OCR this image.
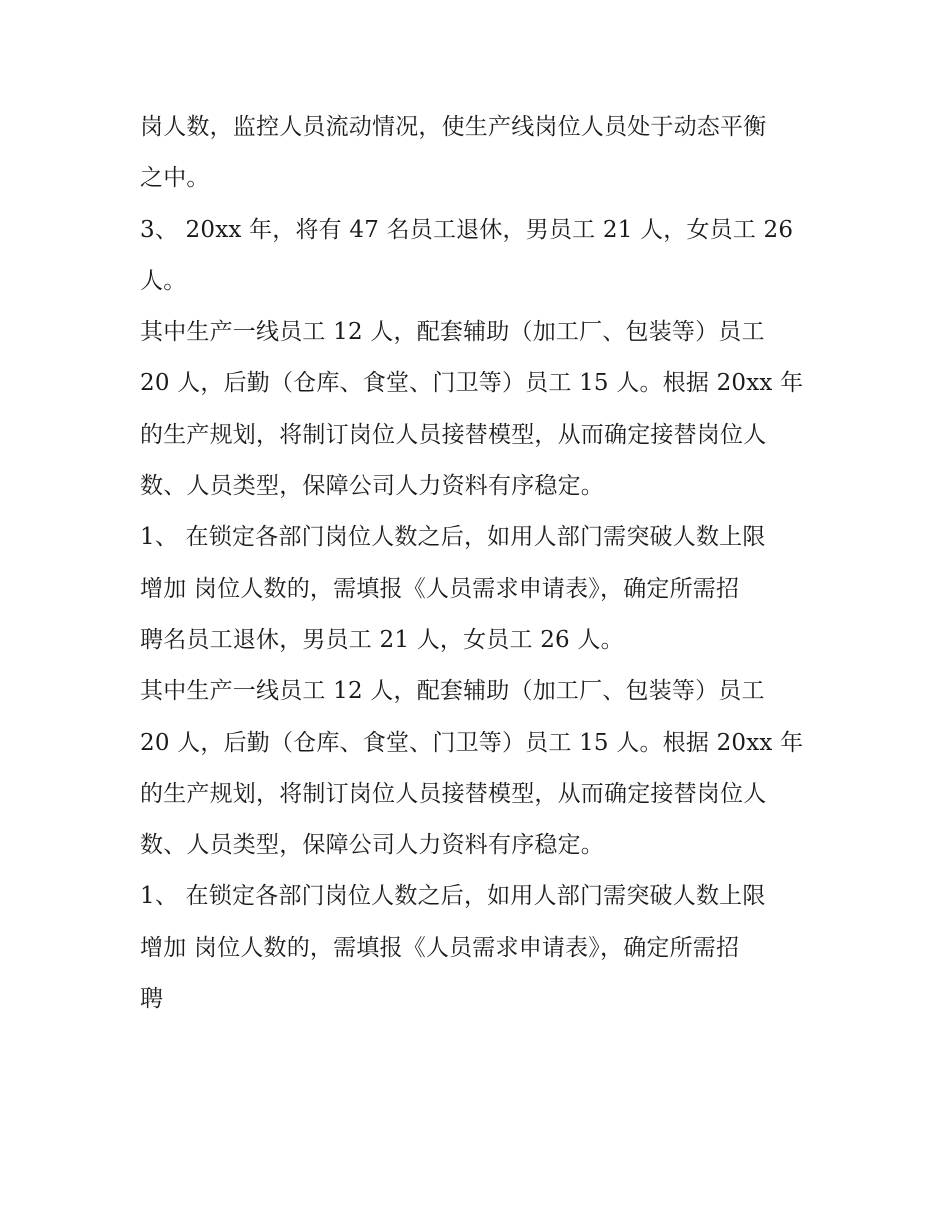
岗人数，监控人员流动情况，使生产线岗位人员处于动态平衡
之中。
3、 20xx 年，将有 47 名员工退休，男员工 21 人，女员工 26
人。
其中生产一线员工 12 人，配套辅助（加工厂、包装等）员工
20 人，后勤（仓库、食堂、门卫等）员工 15 人。根据 20xx 年
的生产规划，将制订岗位人员接替模型，从而确定接替岗位人
数、人员类型，保障公司人力资料有序稳定。
1、 在锁定各部门岗位人数之后，如用人部门需突破人数上限
增加 岗位人数的，需填报《人员需求申请表》，确定所需招
聘名员工退休，男员工 21 人，女员工 26 人。
其中生产一线员工 12 人，配套辅助（加工厂、包装等）员工
20 人，后勤（仓库、食堂、门卫等）员工 15 人。根据 20xx 年
的生产规划，将制订岗位人员接替模型，从而确定接替岗位人
数、人员类型，保障公司人力资料有序稳定。
1、 在锁定各部门岗位人数之后，如用人部门需突破人数上限
增加 岗位人数的，需填报《人员需求申请表》，确定所需招
聘
